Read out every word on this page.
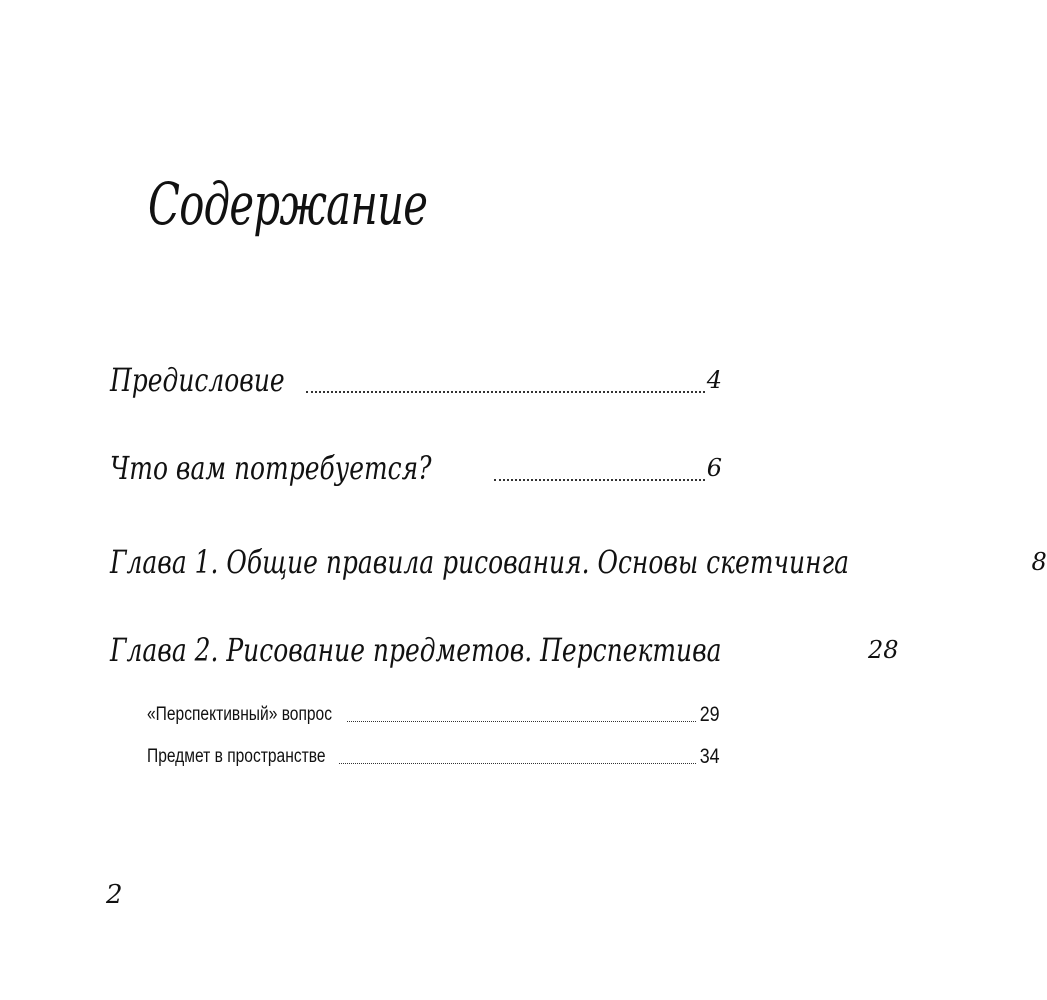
Содержание
Предисловие	4
Что вам потребуется?	6
Глава 1. Общие правила рисования. Основы скетчинга	8
Глава 2. Рисование предметов. Перспектива	28
«Перспективный» вопрос	29
Предмет в пространстве	34
2
